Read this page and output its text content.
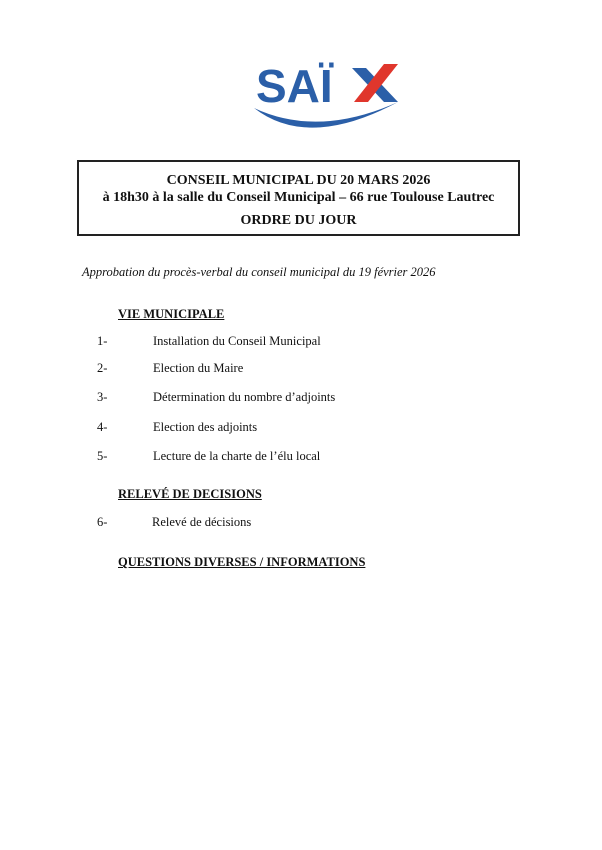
SAÏ
CONSEIL MUNICIPAL DU 20 MARS 2026
à 18h30 à la salle du Conseil Municipal – 66 rue Toulouse Lautrec
ORDRE DU JOUR
Approbation du procès-verbal du conseil municipal du 19 février 2026
VIE MUNICIPALE
1-	Installation du Conseil Municipal
2-	Election du Maire
3-	Détermination du nombre d’adjoints
4-	Election des adjoints
5-	Lecture de la charte de l’élu local
RELEVÉ DE DECISIONS
6-	Relevé de décisions
QUESTIONS DIVERSES / INFORMATIONS
